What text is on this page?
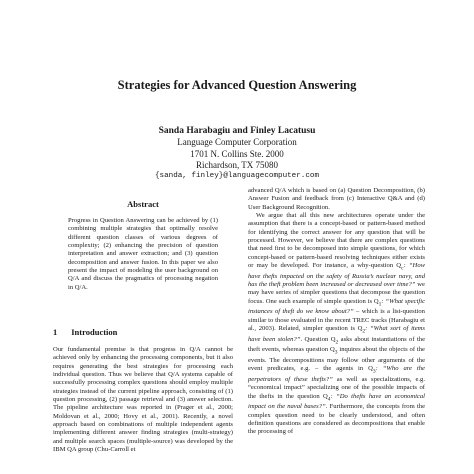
Strategies for Advanced Question Answering
Sanda Harabagiu and Finley Lacatusu
Language Computer Corporation
1701 N. Collins Ste. 2000
Richardson, TX 75080
{sanda, finley}@languagecomputer.com
Abstract
Progress in Question Answering can be achieved by (1) combining multiple strategies that optimally resolve different question classes of various degrees of complexity; (2) enhancing the precision of question interpretation and answer extraction; and (3) question decomposition and answer fusion. In this paper we also present the impact of modeling the user background on Q/A and discuss the pragmatics of processing negation in Q/A.
1 Introduction

Our fundamental premise is that progress in Q/A cannot be achieved only by enhancing the processing components, but it also requires generating the best strategies for processing each individual question. Thus we believe that Q/A systems capable of successfully processing complex questions should employ multiple strategies instead of the current pipeline approach, consisting of (1) question processing, (2) passage retrieval and (3) answer selection. The pipeline architecture was reported in (Prager et al., 2000; Moldovan et al., 2000; Hovy et al., 2001). Recently, a novel approach based on combinations of multiple independent agents implementing different answer finding strategies (multi-strategy) and multiple search spaces (multiple-source) was developed by the IBM QA group (Chu-Carroll et

advanced Q/A which is based on (a) Question Decomposition, (b) Answer Fusion and feedback from (c) Interactive Q&A and (d) User Background Recognition.

We argue that all this new architectures operate under the assumption that there is a concept-based or pattern-based method for identifying the correct answer for any question that will be processed. However, we believe that there are complex questions that need first to be decomposed into simple questions, for which concept-based or pattern-based resolving techniques either exists or may be developed. For instance, a why-question $Q_c$: “How have thefts impacted on the safety of Russia’s nuclear navy, and has the theft problem been increased or decreased over time?” we may have series of simpler questions that decompose the question focus. One such example of simple question is $Q_1$: “What specific instances of theft do we know about?” – which is a list-question similar to those evaluated in the recent TREC tracks (Harabagiu et al., 2003). Related, simpler question is $Q_2$: “What sort of items have been stolen?”. Question $Q_2$ asks about instantiations of the theft events, whereas question $Q_3$ inquires about the objects of the events. The decompositions may follow other arguments of the event predicates, e.g. – the agents in $Q_3$: “Who are the perpetrators of these thefts?” as well as specializations, e.g. “economical impact” specializing one of the possible impacts of the thefts in the question $Q_4$: “Do thefts have an economical impact on the naval bases?”. Furthermore, the concepts from the complex question need to be clearly understood, and often definition questions are considered as decompositions that enable the processing of
